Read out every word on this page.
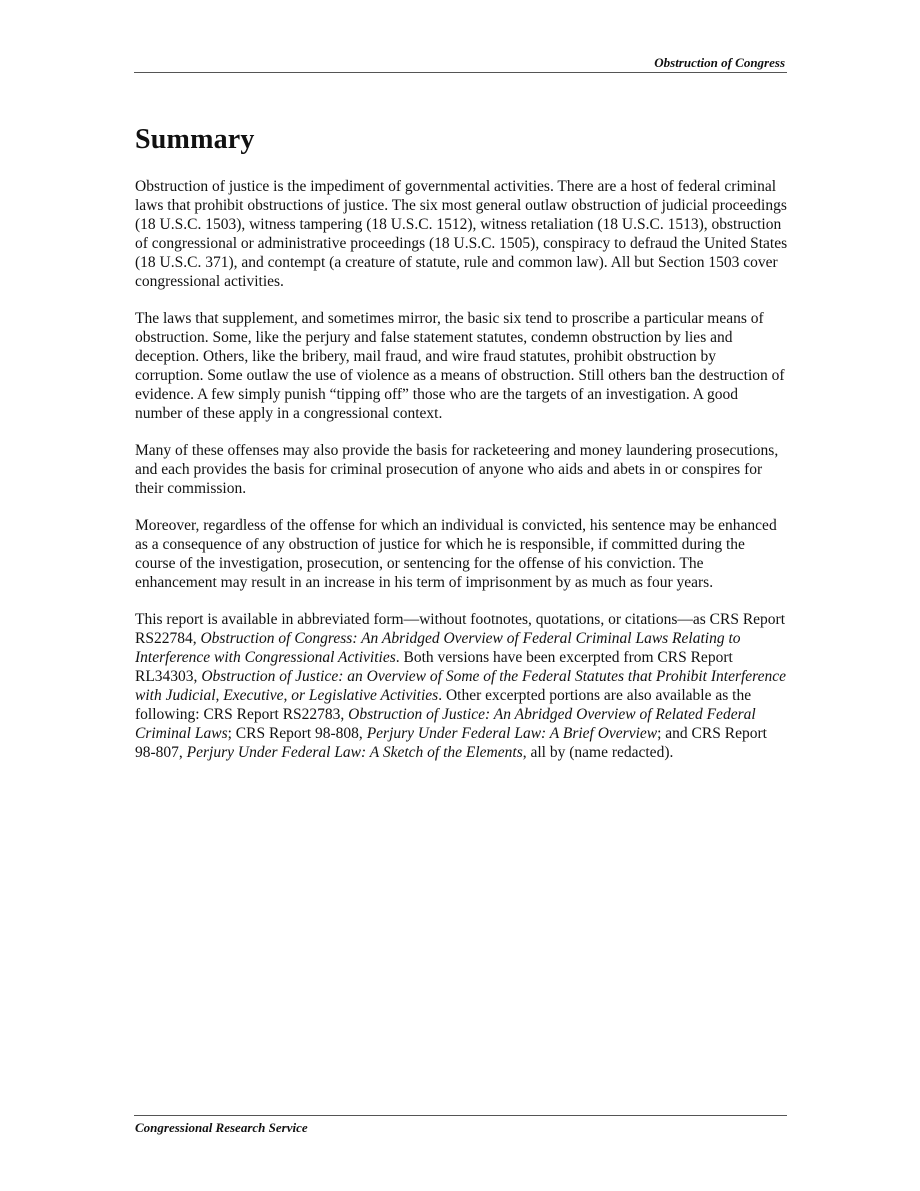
Obstruction of Congress
Summary

Obstruction of justice is the impediment of governmental activities. There are a host of federal criminal laws that prohibit obstructions of justice. The six most general outlaw obstruction of judicial proceedings (18 U.S.C. 1503), witness tampering (18 U.S.C. 1512), witness retaliation (18 U.S.C. 1513), obstruction of congressional or administrative proceedings (18 U.S.C. 1505), conspiracy to defraud the United States (18 U.S.C. 371), and contempt (a creature of statute, rule and common law). All but Section 1503 cover congressional activities.

The laws that supplement, and sometimes mirror, the basic six tend to proscribe a particular means of obstruction. Some, like the perjury and false statement statutes, condemn obstruction by lies and deception. Others, like the bribery, mail fraud, and wire fraud statutes, prohibit obstruction by corruption. Some outlaw the use of violence as a means of obstruction. Still others ban the destruction of evidence. A few simply punish “tipping off” those who are the targets of an investigation. A good number of these apply in a congressional context.

Many of these offenses may also provide the basis for racketeering and money laundering prosecutions, and each provides the basis for criminal prosecution of anyone who aids and abets in or conspires for their commission.

Moreover, regardless of the offense for which an individual is convicted, his sentence may be enhanced as a consequence of any obstruction of justice for which he is responsible, if committed during the course of the investigation, prosecution, or sentencing for the offense of his conviction. The enhancement may result in an increase in his term of imprisonment by as much as four years.

This report is available in abbreviated form—without footnotes, quotations, or citations—as CRS Report RS22784, Obstruction of Congress: An Abridged Overview of Federal Criminal Laws Relating to Interference with Congressional Activities. Both versions have been excerpted from CRS Report RL34303, Obstruction of Justice: an Overview of Some of the Federal Statutes that Prohibit Interference with Judicial, Executive, or Legislative Activities. Other excerpted portions are also available as the following: CRS Report RS22783, Obstruction of Justice: An Abridged Overview of Related Federal Criminal Laws; CRS Report 98-808, Perjury Under Federal Law: A Brief Overview; and CRS Report 98-807, Perjury Under Federal Law: A Sketch of the Elements, all by (name redacted).

Congressional Research Service
